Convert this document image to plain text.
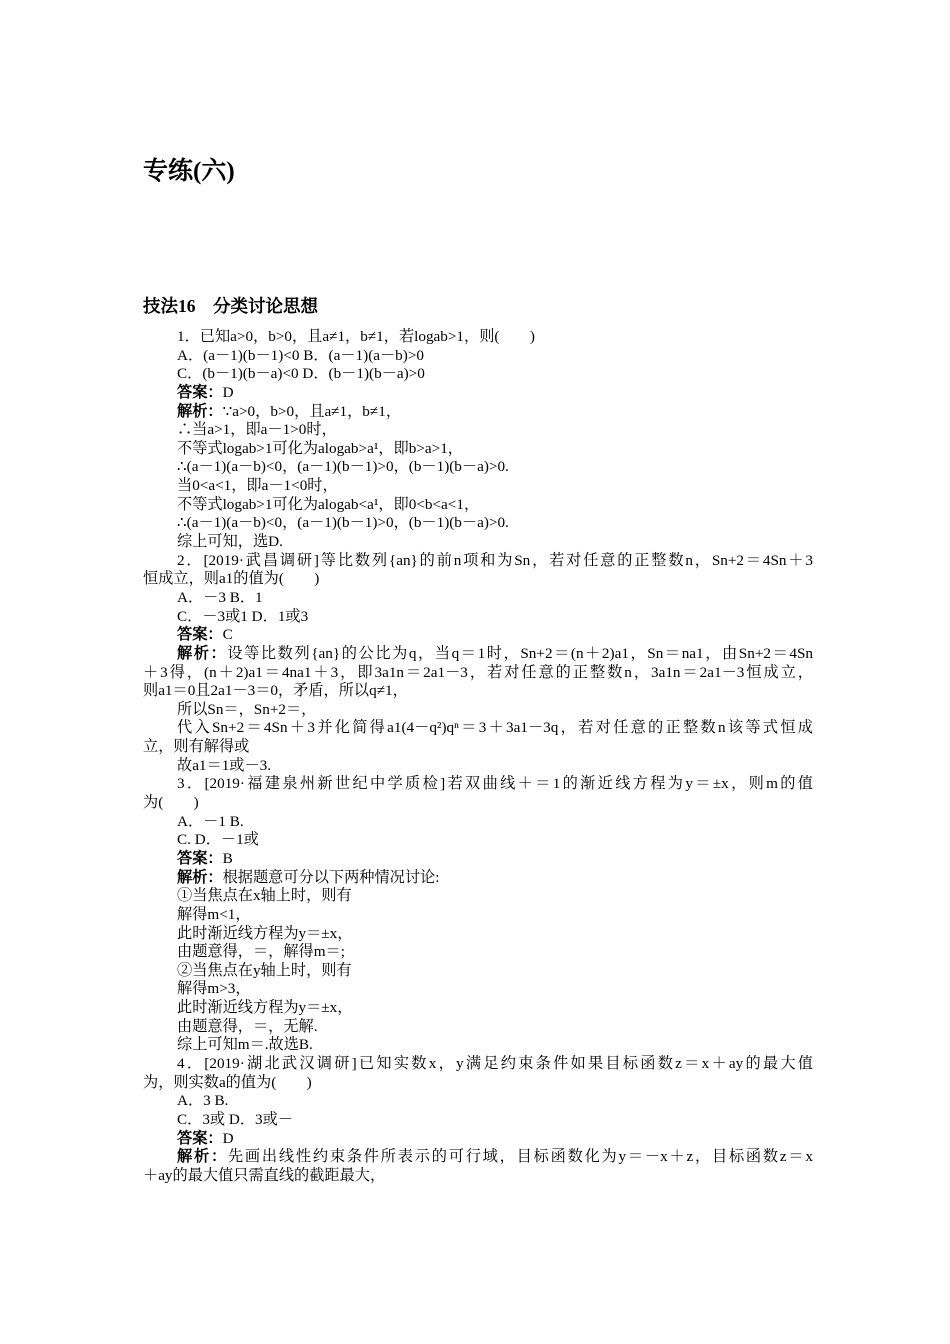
专练(六)
技法16　分类讨论思想
1．已知a>0，b>0，且a≠1，b≠1，若logab>1，则(　　)
A．(a－1)(b－1)<0 B．(a－1)(a－b)>0
C．(b－1)(b－a)<0 D．(b－1)(b－a)>0
答案：D
解析：∵a>0，b>0，且a≠1，b≠1，
∴当a>1，即a－1>0时，
不等式logab>1可化为alogab>a¹，即b>a>1，
∴(a－1)(a－b)<0，(a－1)(b－1)>0，(b－1)(b－a)>0.
当0<a<1，即a－1<0时，
不等式logab>1可化为alogab<a¹，即0<b<a<1，
∴(a－1)(a－b)<0，(a－1)(b－1)>0，(b－1)(b－a)>0.
综上可知，选D.
2．[2019·武昌调研]等比数列{an}的前n项和为Sn，若对任意的正整数n，Sn+2＝4Sn＋3
恒成立，则a1的值为(　　)
A．－3 B．1
C．－3或1 D．1或3
答案：C
解析：设等比数列{an}的公比为q，当q＝1时，Sn+2＝(n＋2)a1，Sn＝na1，由Sn+2＝4Sn
＋3得，(n＋2)a1＝4na1＋3，即3a1n＝2a1－3，若对任意的正整数n，3a1n＝2a1－3恒成立，
则a1＝0且2a1－3＝0，矛盾，所以q≠1，
所以Sn＝，Sn+2＝，
代入Sn+2＝4Sn＋3并化简得a1(4－q²)qⁿ＝3＋3a1－3q，若对任意的正整数n该等式恒成
立，则有解得或
故a1＝1或－3.
3．[2019·福建泉州新世纪中学质检]若双曲线＋＝1的渐近线方程为y＝±x，则m的值
为(　　)
A．－1 B.
C. D．－1或
答案：B
解析：根据题意可分以下两种情况讨论:
①当焦点在x轴上时，则有
解得m<1，
此时渐近线方程为y＝±x，
由题意得，＝，解得m＝;
②当焦点在y轴上时，则有
解得m>3，
此时渐近线方程为y＝±x，
由题意得，＝，无解.
综上可知m＝.故选B.
4．[2019·湖北武汉调研]已知实数x，y满足约束条件如果目标函数z＝x＋ay的最大值
为，则实数a的值为(　　)
A．3 B.
C．3或 D．3或－
答案：D
解析：先画出线性约束条件所表示的可行域，目标函数化为y＝－x＋z，目标函数z＝x
＋ay的最大值只需直线的截距最大，
